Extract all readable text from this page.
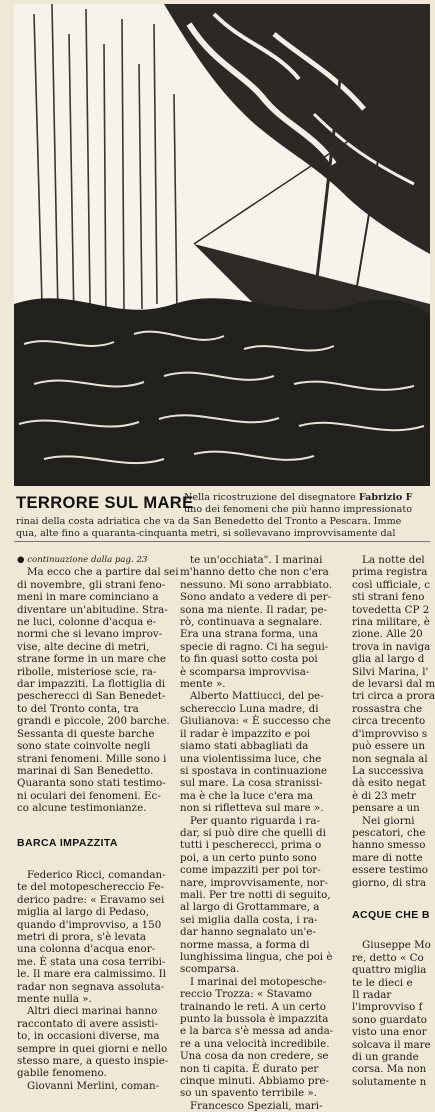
TERRORE SUL MARE
Nella ricostruzione del disegnatore Fabrizio F
uno dei fenomeni che più hanno impressionato
rinai della costa adriatica che va da San Benedetto del Tronto a Pescara. Imme
qua, alte fino a quaranta-cinquanta metri, si sollevavano improvvisamente dal
● continuazione dalla pag. 23
Ma ecco che a partire dal sei
di novembre, gli strani feno-
meni in mare cominciano a
diventare un'abitudine. Stra-
ne luci, colonne d'acqua e-
normi che si levano improv-
vise, alte decine di metri,
strane forme in un mare che
ribolle, misteriose scie, ra-
dar impazziti. La flottiglia di
pescherecci di San Benedet-
to del Tronto conta, tra
grandi e piccole, 200 barche.
Sessanta di queste barche
sono state coinvolte negli
strani fenomeni. Mille sono i
marinai di San Benedetto.
Quaranta sono stati testimo-
ni oculari dei fenomeni. Ec-
co alcune testimonianze.
BARCA IMPAZZITA
Federico Ricci, comandan-
te del motopeschereccio Fe-
derico padre: « Eravamo sei
miglia al largo di Pedaso,
quando d'improvviso, a 150
metri di prora, s'è levata
una colonna d'acqua enor-
me. È stata una cosa terribi-
le. Il mare era calmissimo. Il
radar non segnava assoluta-
mente nulla ».
Altri dieci marinai hanno
raccontato di avere assisti-
to, in occasioni diverse, ma
sempre in quei giorni e nello
stesso mare, a questo inspie-
gabile fenomeno.
Giovanni Merlini, coman-
te un'occhiata". I marinai
m'hanno detto che non c'era
nessuno. Mi sono arrabbiato.
Sono andato a vedere di per-
sona ma niente. Il radar, pe-
rò, continuava a segnalare.
Era una strana forma, una
specie di ragno. Ci ha segui-
to fin quasi sotto costa poi
è scomparsa improvvisa-
mente ».
Alberto Mattiucci, del pe-
schereccio Luna madre, di
Giulianova: « È successo che
il radar è impazzito e poi
siamo stati abbagliati da
una violentissima luce, che
si spostava in continuazione
sul mare. La cosa stranissi-
ma è che la luce c'era ma
non si rifletteva sul mare ».
Per quanto riguarda i ra-
dar, si può dire che quelli di
tutti i pescherecci, prima o
poi, a un certo punto sono
come impazziti per poi tor-
nare, improvvisamente, nor-
mali. Per tre notti di seguito,
al largo di Grottammare, a
sei miglia dalla costa, i ra-
dar hanno segnalato un'e-
norme massa, a forma di
lunghissima lingua, che poi è
scomparsa.
I marinai del motopesche-
reccio Trozza: « Stavamo
trainando le reti. A un certo
punto la bussola è impazzita
e la barca s'è messa ad anda-
re a una velocità incredibile.
Una cosa da non credere, se
non ti capita. È durato per
cinque minuti. Abbiamo pre-
so un spavento terribile ».
Francesco Speziali, mari-
La notte del
prima registra
così ufficiale, c
sti strani feno
tovedetta CP 2
rina militare, è
zione. Alle 20
trova in naviga
glia al largo d
Silvi Marina, l'
de levarsi dal m
tri circa a prora
rossastra che
circa trecento
d'improvviso s
può essere un
non segnala al
La successiva
dà esito negat
è di 23 metr
pensare a un
Nei giorni
pescatori, che
hanno smesso
mare di notte
essere testimo
giorno, di stra
ACQUE CHE B
Giuseppe Mo
re, detto « Co
quattro miglia
te le dieci e
Il radar
l'improvviso f
sono guardato
visto una enor
solcava il mare
di un grande
corsa. Ma non
solutamente n
